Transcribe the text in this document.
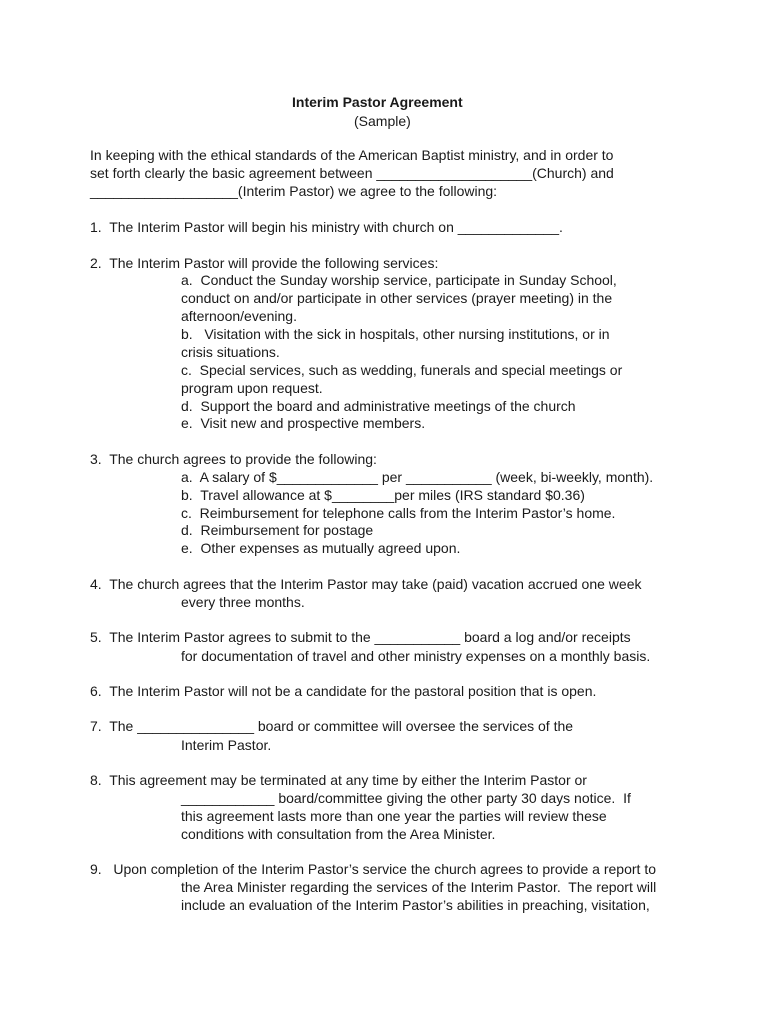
Interim Pastor Agreement
(Sample)
In keeping with the ethical standards of the American Baptist ministry, and in order to
set forth clearly the basic agreement between ____________________(Church) and
___________________(Interim Pastor) we agree to the following:
1.  The Interim Pastor will begin his ministry with church on _____________.
2.  The Interim Pastor will provide the following services:
a.  Conduct the Sunday worship service, participate in Sunday School,
conduct on and/or participate in other services (prayer meeting) in the
afternoon/evening.
b.   Visitation with the sick in hospitals, other nursing institutions, or in
crisis situations.
c.  Special services, such as wedding, funerals and special meetings or
program upon request.
d.  Support the board and administrative meetings of the church
e.  Visit new and prospective members.
3.  The church agrees to provide the following:
a.  A salary of $_____________ per ___________ (week, bi-weekly, month).
b.  Travel allowance at $________per miles (IRS standard $0.36)
c.  Reimbursement for telephone calls from the Interim Pastor’s home.
d.  Reimbursement for postage
e.  Other expenses as mutually agreed upon.
4.  The church agrees that the Interim Pastor may take (paid) vacation accrued one week
every three months.
5.  The Interim Pastor agrees to submit to the ___________ board a log and/or receipts
for documentation of travel and other ministry expenses on a monthly basis.
6.  The Interim Pastor will not be a candidate for the pastoral position that is open.
7.  The _______________ board or committee will oversee the services of the
Interim Pastor.
8.  This agreement may be terminated at any time by either the Interim Pastor or
____________ board/committee giving the other party 30 days notice.  If
this agreement lasts more than one year the parties will review these
conditions with consultation from the Area Minister.
9.   Upon completion of the Interim Pastor’s service the church agrees to provide a report to
the Area Minister regarding the services of the Interim Pastor.  The report will
include an evaluation of the Interim Pastor’s abilities in preaching, visitation,
